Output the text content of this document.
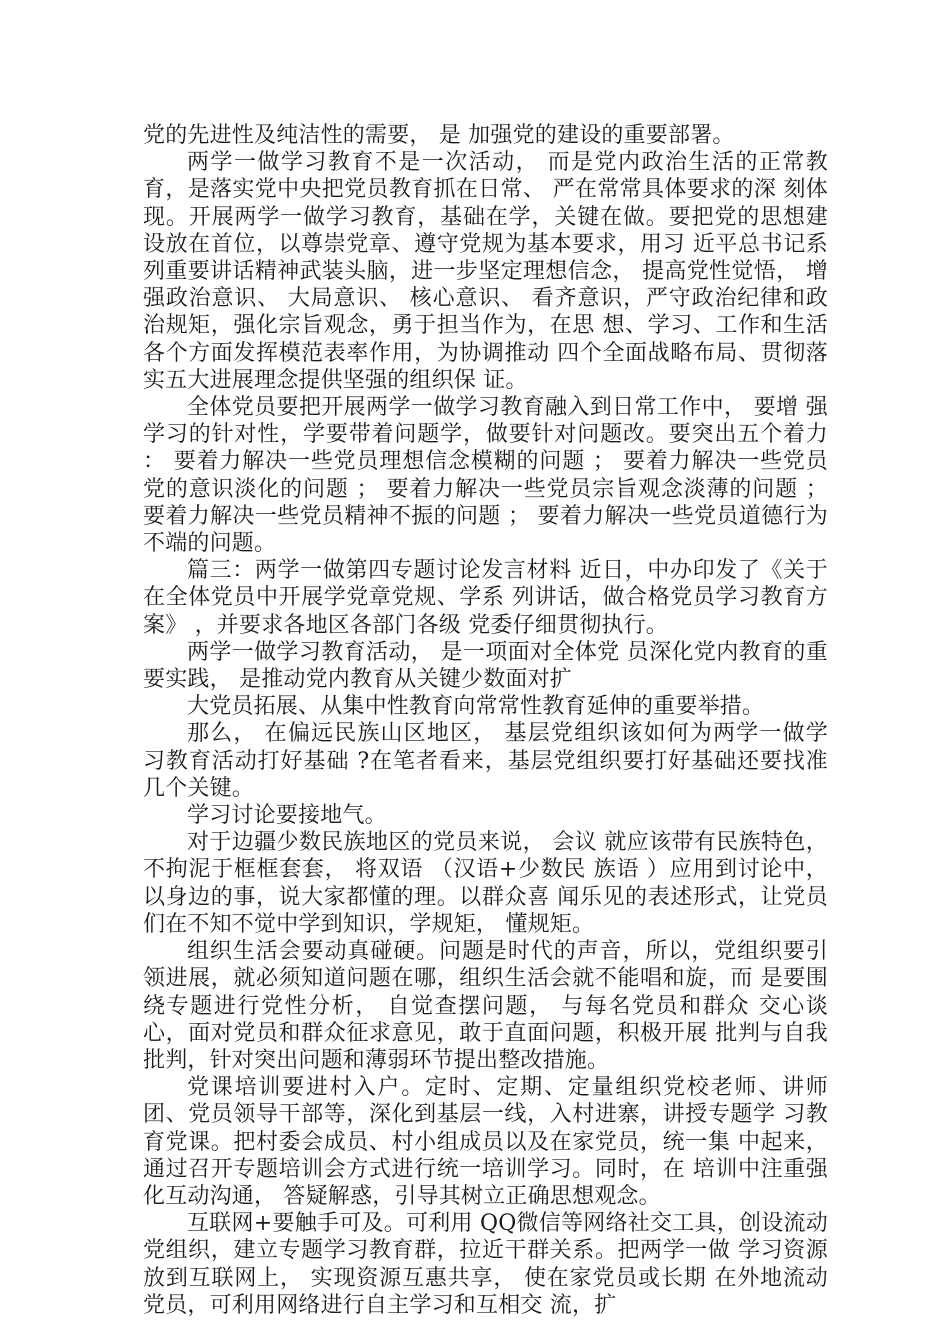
党的先进性及纯洁性的需要， 是 加强党的建设的重要部署。

两学一做学习教育不是一次活动， 而是党内政治生活的正常教 育，是落实党中央把党员教育抓在日常、 严在常常具体要求的深 刻体现。开展两学一做学习教育，基础在学，关键在做。要把党的思想建设放在首位，以尊崇党章、遵守党规为基本要求，用习 近平总书记系列重要讲话精神武装头脑，进一步坚定理想信念， 提高党性觉悟， 增强政治意识、 大局意识、 核心意识、 看齐意识，严守政治纪律和政治规矩，强化宗旨观念，勇于担当作为，在思 想、学习、工作和生活各个方面发挥模范表率作用，为协调推动 四个全面战略布局、贯彻落实五大进展理念提供坚强的组织保 证。

全体党员要把开展两学一做学习教育融入到日常工作中， 要增 强学习的针对性，学要带着问题学，做要针对问题改。要突出五个着力 ： 要着力解决一些党员理想信念模糊的问题 ； 要着力解决一些党员党的意识淡化的问题 ； 要着力解决一些党员宗旨观念淡薄的问题 ； 要着力解决一些党员精神不振的问题 ； 要着力解决一些党员道德行为不端的问题。

篇三：两学一做第四专题讨论发言材料 近日，中办印发了《关于在全体党员中开展学党章党规、学系 列讲话，做合格党员学习教育方案》 ，并要求各地区各部门各级 党委仔细贯彻执行。

两学一做学习教育活动， 是一项面对全体党 员深化党内教育的重要实践， 是推动党内教育从关键少数面对扩

大党员拓展、从集中性教育向常常性教育延伸的重要举措。

那么， 在偏远民族山区地区， 基层党组织该如何为两学一做学 习教育活动打好基础 ?在笔者看来，基层党组织要打好基础还要找准几个关键。

学习讨论要接地气。

对于边疆少数民族地区的党员来说， 会议 就应该带有民族特色， 不拘泥于框框套套， 将双语 （汉语+少数民 族语 ）应用到讨论中，以身边的事，说大家都懂的理。以群众喜 闻乐见的表述形式，让党员们在不知不觉中学到知识，学规矩， 懂规矩。

组织生活会要动真碰硬。问题是时代的声音，所以，党组织要引领进展，就必须知道问题在哪，组织生活会就不能唱和旋，而 是要围绕专题进行党性分析， 自觉查摆问题， 与每名党员和群众 交心谈心，面对党员和群众征求意见，敢于直面问题，积极开展 批判与自我批判，针对突出问题和薄弱环节提出整改措施。

党课培训要进村入户。定时、定期、定量组织党校老师、讲师团、党员领导干部等，深化到基层一线，入村进寨，讲授专题学 习教育党课。把村委会成员、村小组成员以及在家党员，统一集 中起来，通过召开专题培训会方式进行统一培训学习。同时，在 培训中注重强化互动沟通， 答疑解惑，引导其树立正确思想观念。

互联网+要触手可及。可利用 QQ微信等网络社交工具，创设流动党组织，建立专题学习教育群，拉近干群关系。把两学一做 学习资源放到互联网上， 实现资源互惠共享， 使在家党员或长期 在外地流动党员，可利用网络进行自主学习和互相交 流，扩
